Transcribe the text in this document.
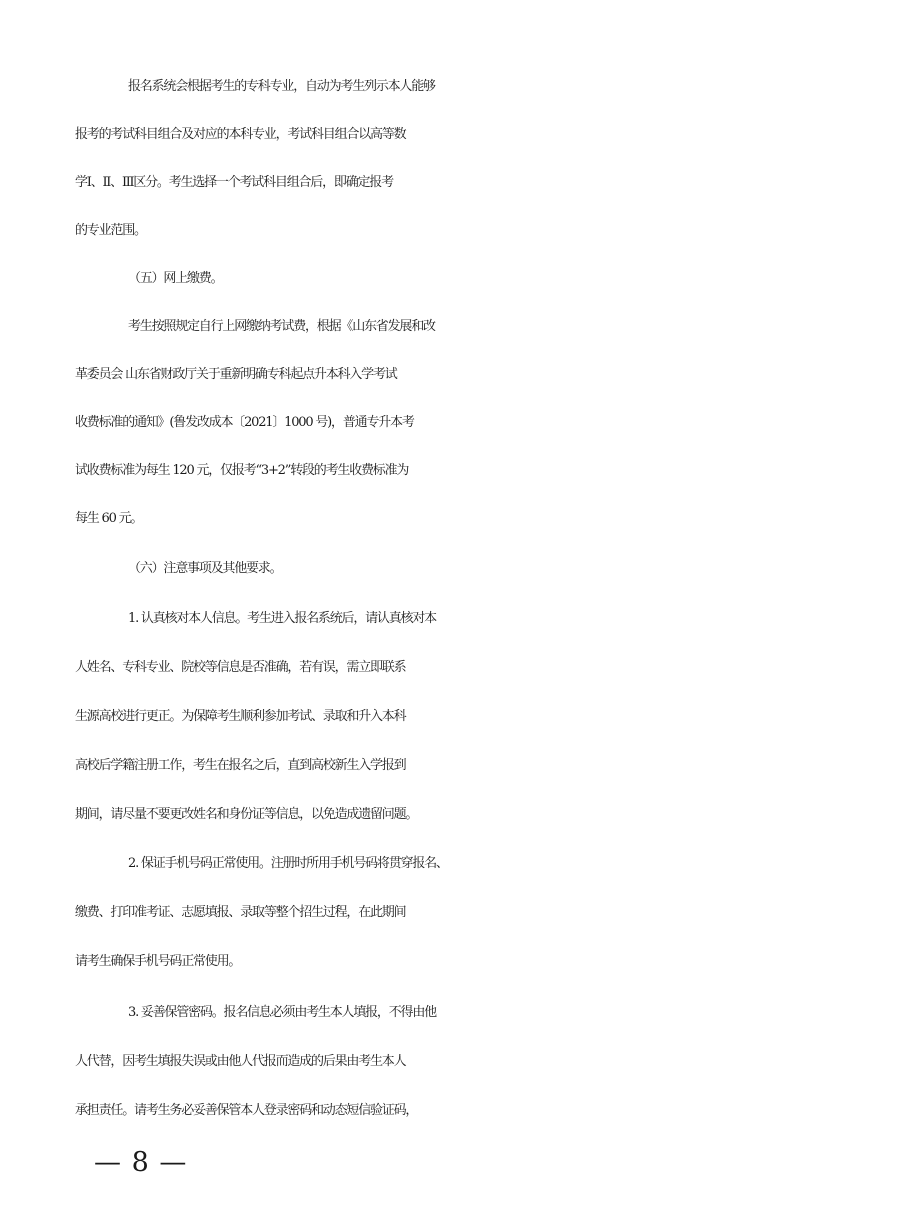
报名系统会根据考生的专科专业，自动为考生列示本人能够
报考的考试科目组合及对应的本科专业，考试科目组合以高等数
学Ⅰ、Ⅱ、Ⅲ区分。考生选择一个考试科目组合后，即确定报考
的专业范围。
（五）网上缴费。
考生按照规定自行上网缴纳考试费，根据《山东省发展和改
革委员会 山东省财政厅关于重新明确专科起点升本科入学考试
收费标准的通知》(鲁发改成本〔2021〕1000 号)，普通专升本考
试收费标准为每生 120 元，仅报考“3+2”转段的考生收费标准为
每生 60 元。
（六）注意事项及其他要求。
1. 认真核对本人信息。考生进入报名系统后，请认真核对本
人姓名、专科专业、院校等信息是否准确，若有误，需立即联系
生源高校进行更正。为保障考生顺利参加考试、录取和升入本科
高校后学籍注册工作，考生在报名之后，直到高校新生入学报到
期间，请尽量不要更改姓名和身份证等信息，以免造成遗留问题。
2. 保证手机号码正常使用。注册时所用手机号码将贯穿报名、
缴费、打印准考证、志愿填报、录取等整个招生过程，在此期间
请考生确保手机号码正常使用。
3. 妥善保管密码。报名信息必须由考生本人填报，不得由他
人代替，因考生填报失误或由他人代报而造成的后果由考生本人
承担责任。请考生务必妥善保管本人登录密码和动态短信验证码，
— 8 —
